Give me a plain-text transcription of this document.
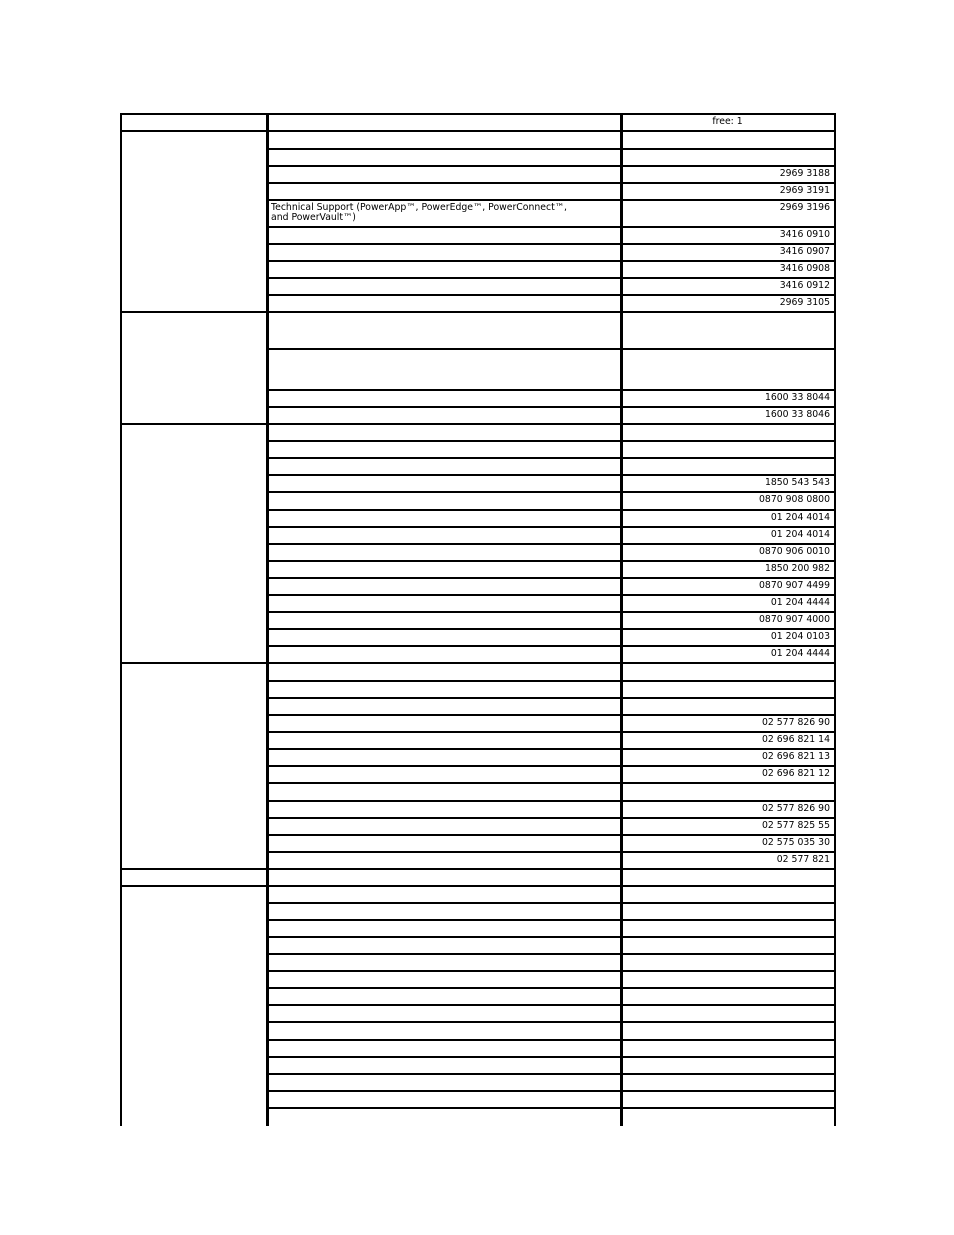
free: 1
2969 3188
2969 3191
Technical Support (PowerApp™, PowerEdge™, PowerConnect™, and PowerVault™)
2969 3196
3416 0910
3416 0907
3416 0908
3416 0912
2969 3105
1600 33 8044
1600 33 8046
1850 543 543
0870 908 0800
01 204 4014
01 204 4014
0870 906 0010
1850 200 982
0870 907 4499
01 204 4444
0870 907 4000
01 204 0103
01 204 4444
02 577 826 90
02 696 821 14
02 696 821 13
02 696 821 12
02 577 826 90
02 577 825 55
02 575 035 30
02 577 821
